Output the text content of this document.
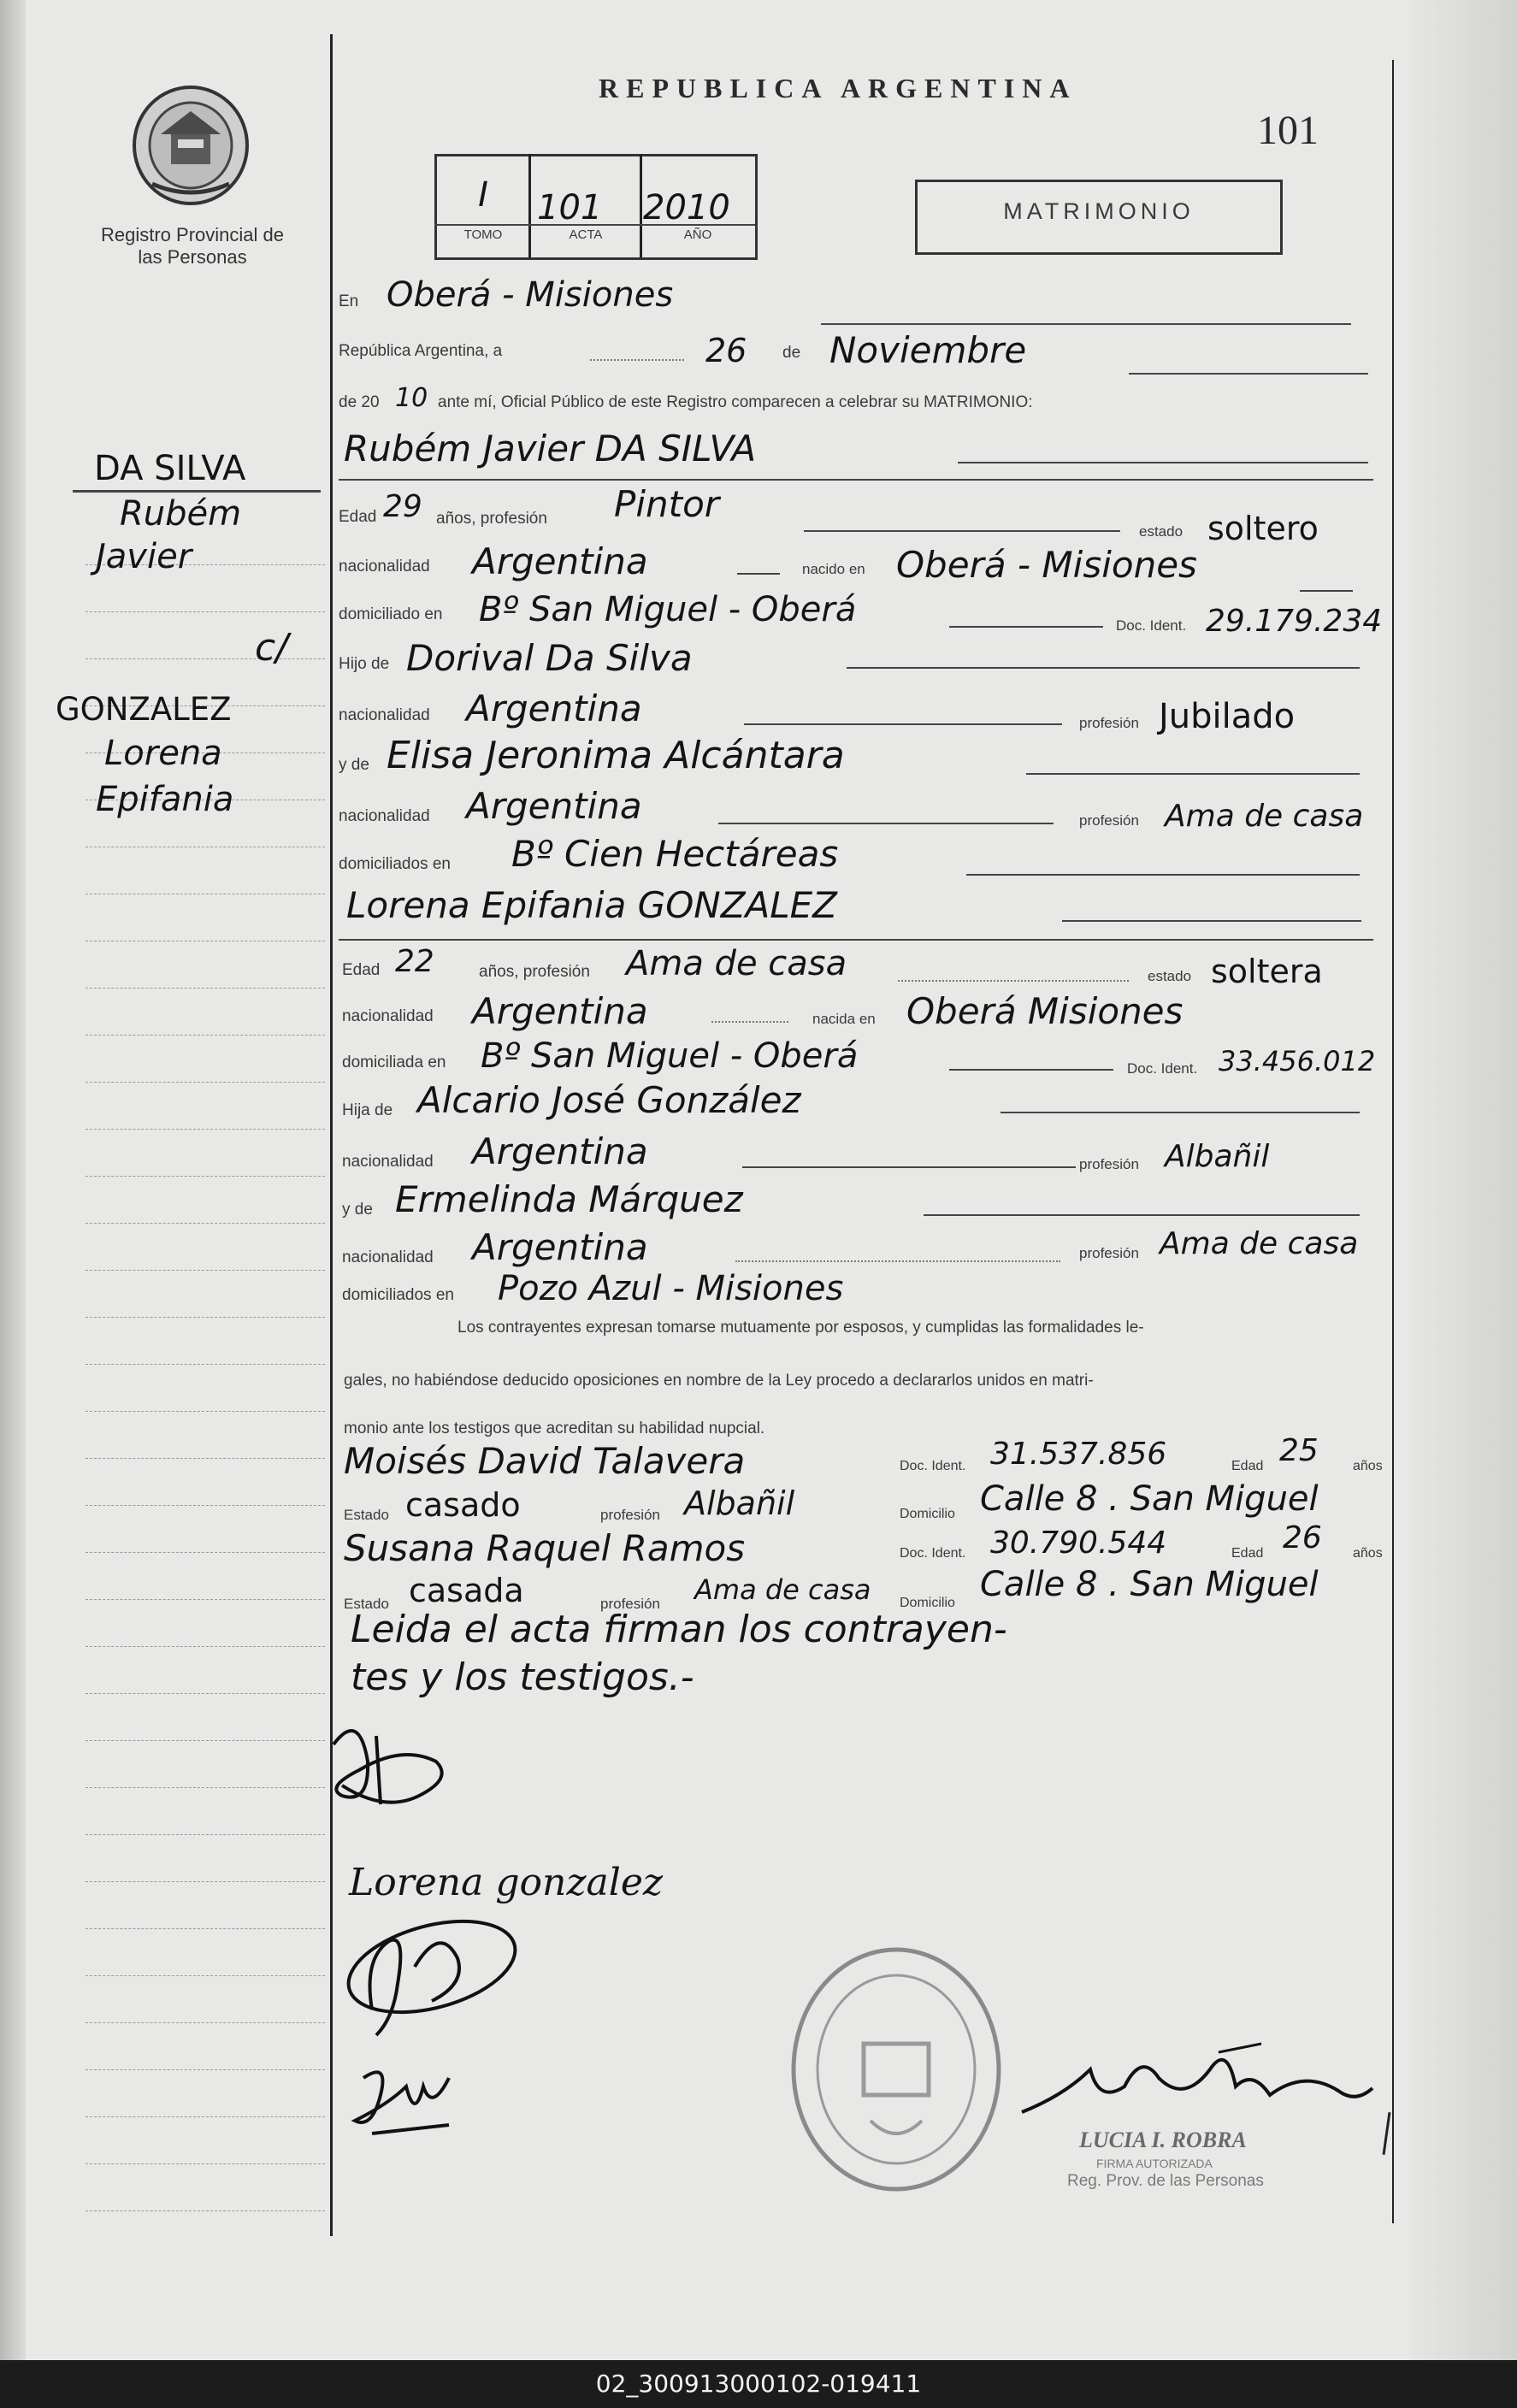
Registro Provincial de las Personas
REPUBLICA ARGENTINA
101
I	101 2010
TOMO	ACTA	AÑO
MATRIMONIO
DA SILVA
Rubém
Javier
c/
GONZALEZ
Lorena
Epifania
En Oberá - Misiones
República Argentina, a	26 de Noviembre
de 20 10 ante mí, Oficial Público de este Registro comparecen a celebrar su MATRIMONIO:
Rubém Javier DA SILVA
Edad 29 años, profesión Pintor
estado soltero
nacionalidad Argentina	nacido en Oberá - Misiones
domiciliado en Bº San Miguel - Oberá	Doc. Ident. 29.179.234
Hijo de Dorival Da Silva
nacionalidad Argentina	profesión Jubilado
y de Elisa Jeronima Alcántara
nacionalidad Argentina	profesión Ama de casa
domiciliados en Bº Cien Hectáreas
Lorena Epifania GONZALEZ
Edad 22	años, profesión Ama de casa	estado soltera
nacionalidad Argentina	nacida en Oberá Misiones
domiciliada en Bº San Miguel - Oberá	Doc. Ident. 33.456.012
Hija de Alcario José González
nacionalidad Argentina	profesión Albañil
y de Ermelinda Márquez
nacionalidad Argentina	profesión Ama de casa
domiciliados en Pozo Azul - Misiones
Los contrayentes expresan tomarse mutuamente por esposos, y cumplidas las formalidades le-
gales, no habiéndose deducido oposiciones en nombre de la Ley procedo a declararlos unidos en matri-
monio ante los testigos que acreditan su habilidad nupcial.
Moisés David Talavera	Doc. Ident. 31.537.856	Edad 25	años
Estado casado	profesión Albañil	Domicilio Calle 8 . San Miguel
Susana Raquel Ramos	Doc. Ident. 30.790.544	Edad 26 años
Estado casada	profesión Ama de casa Domicilio Calle 8 . San Miguel
Leida el acta firman los contrayen-
tes y los testigos.-
Lorena gonzalez
LUCIA I. ROBRA
FIRMA AUTORIZADA
Reg. Prov. de las Personas
02_300913000102-019411
